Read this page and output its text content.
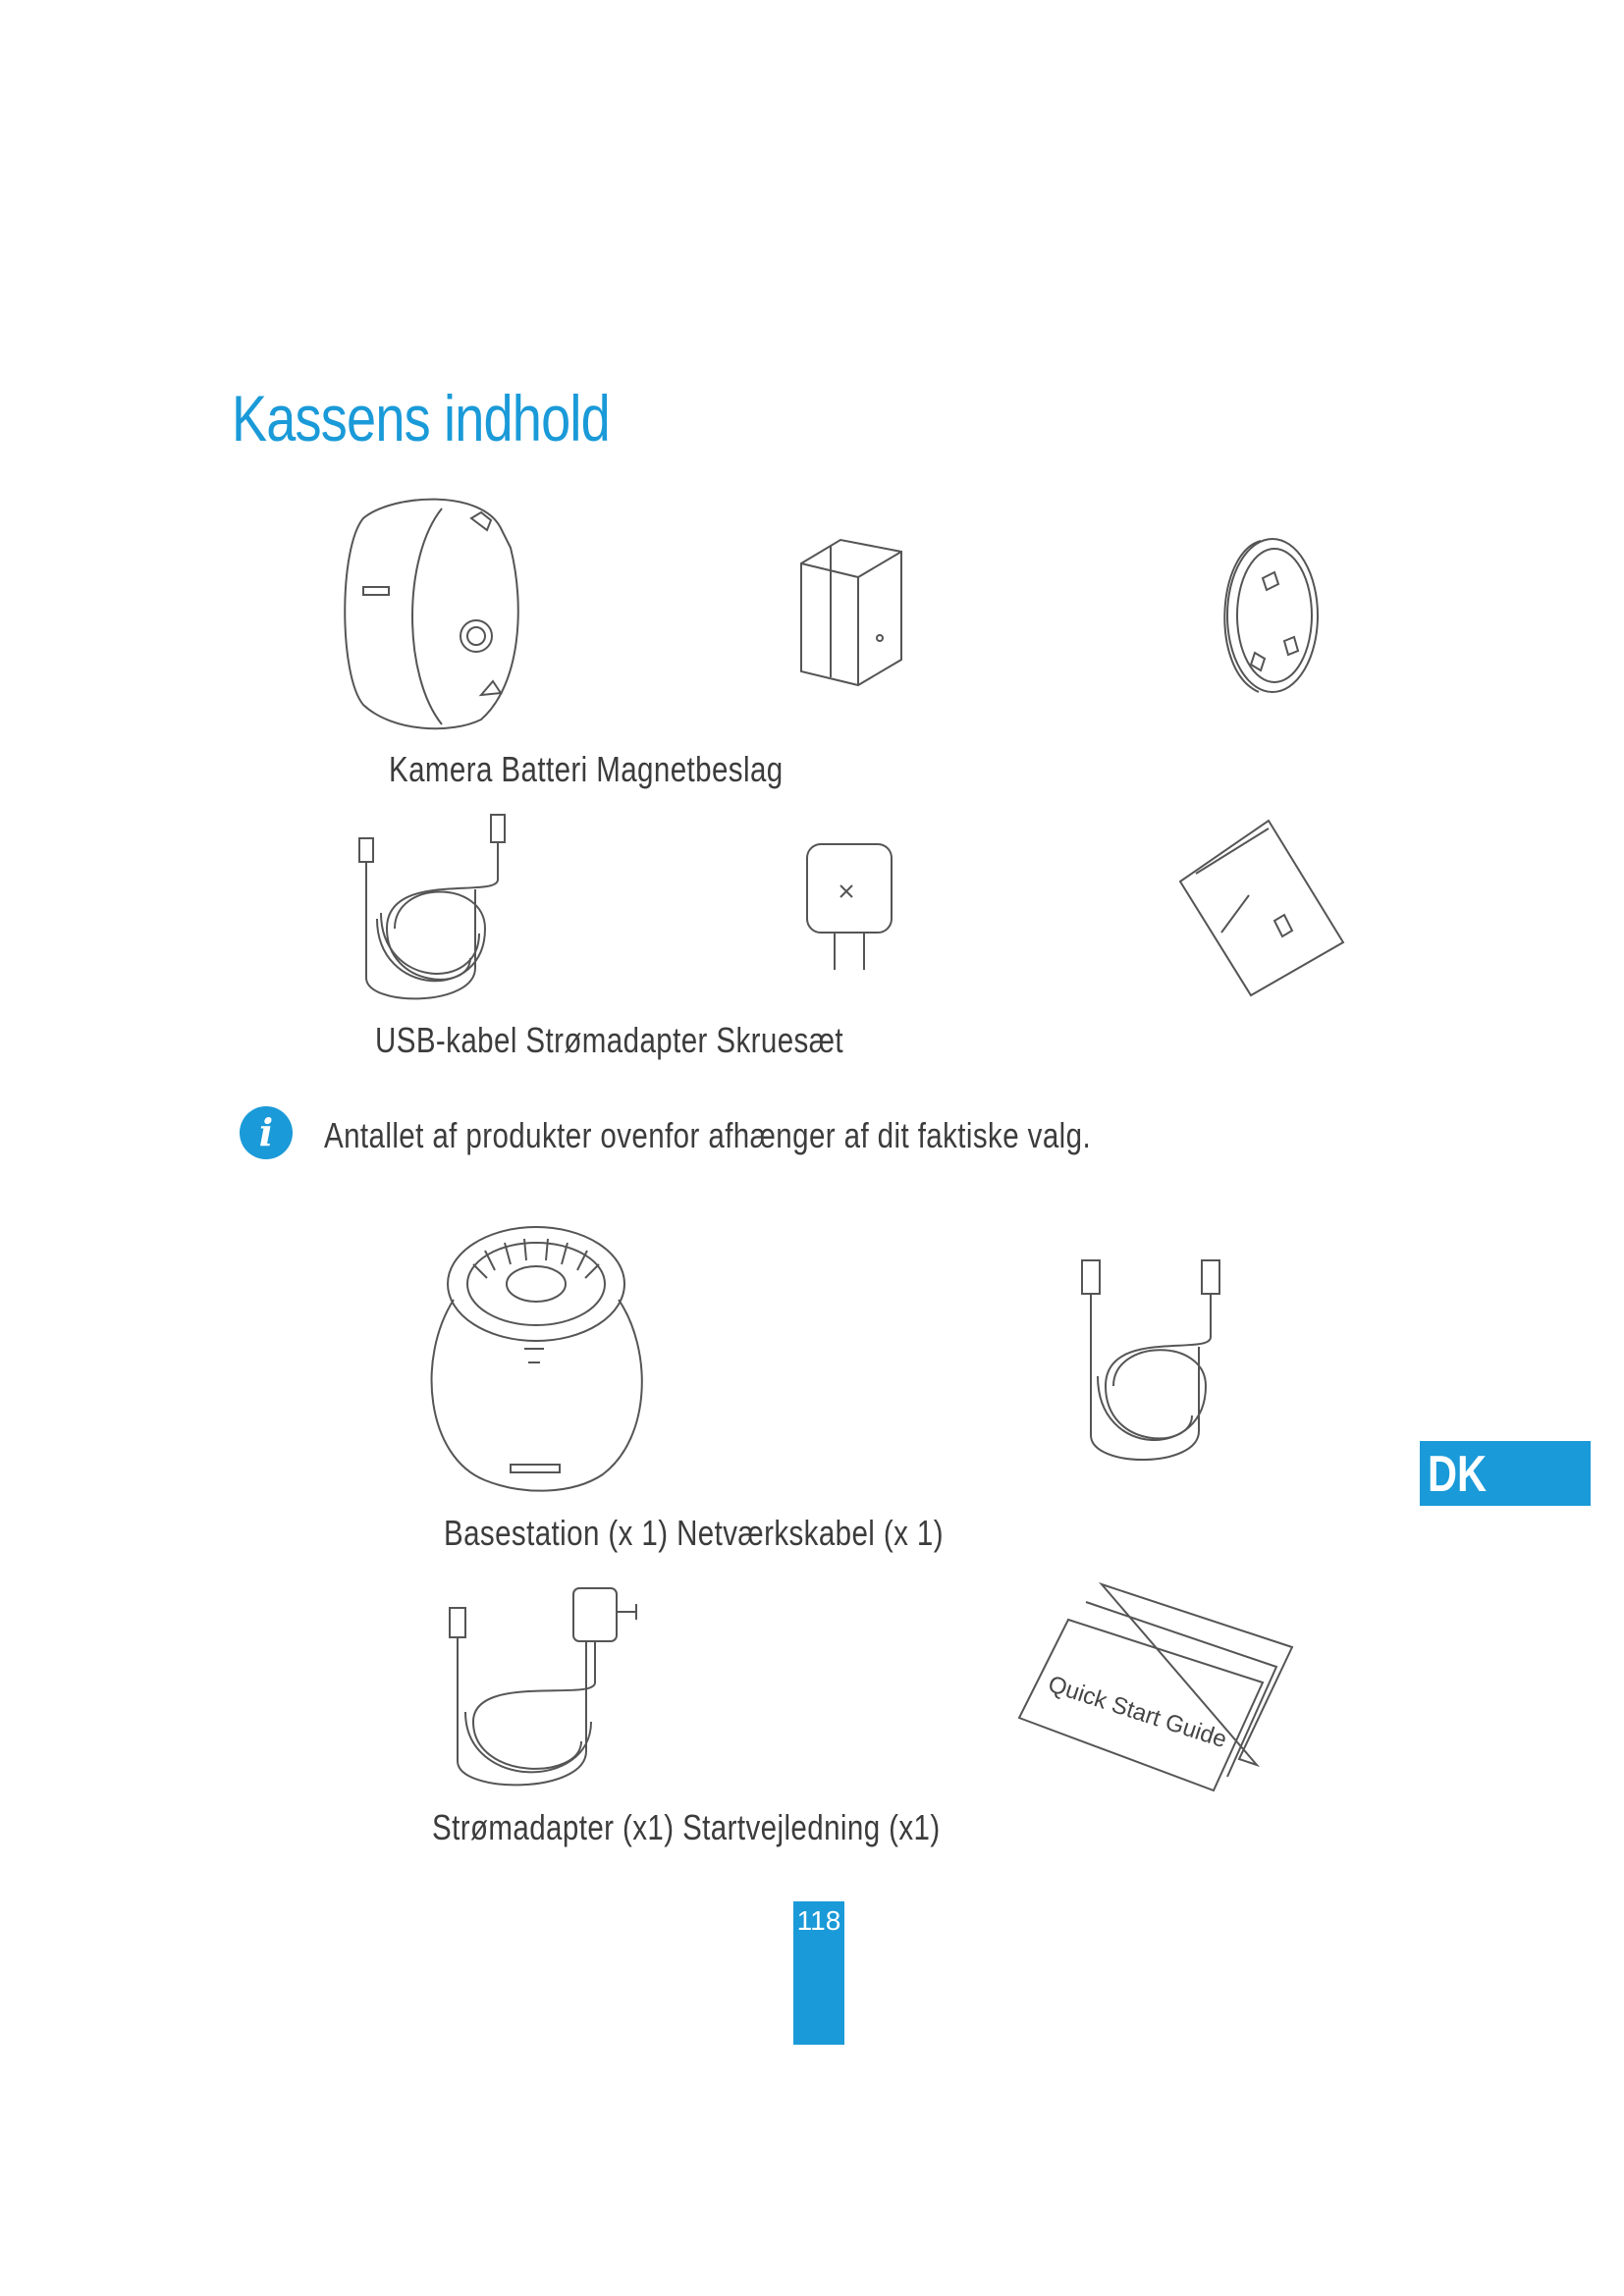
Kassens indhold
Kamera Batteri Magnetbeslag
USB-kabel Strømadapter Skruesæt
i	Antallet af produkter ovenfor afhænger af dit faktiske valg.
Basestation (x 1) Netværkskabel (x 1)
Quick Start Guide
Strømadapter (x1) Startvejledning (x1)
DK
118
